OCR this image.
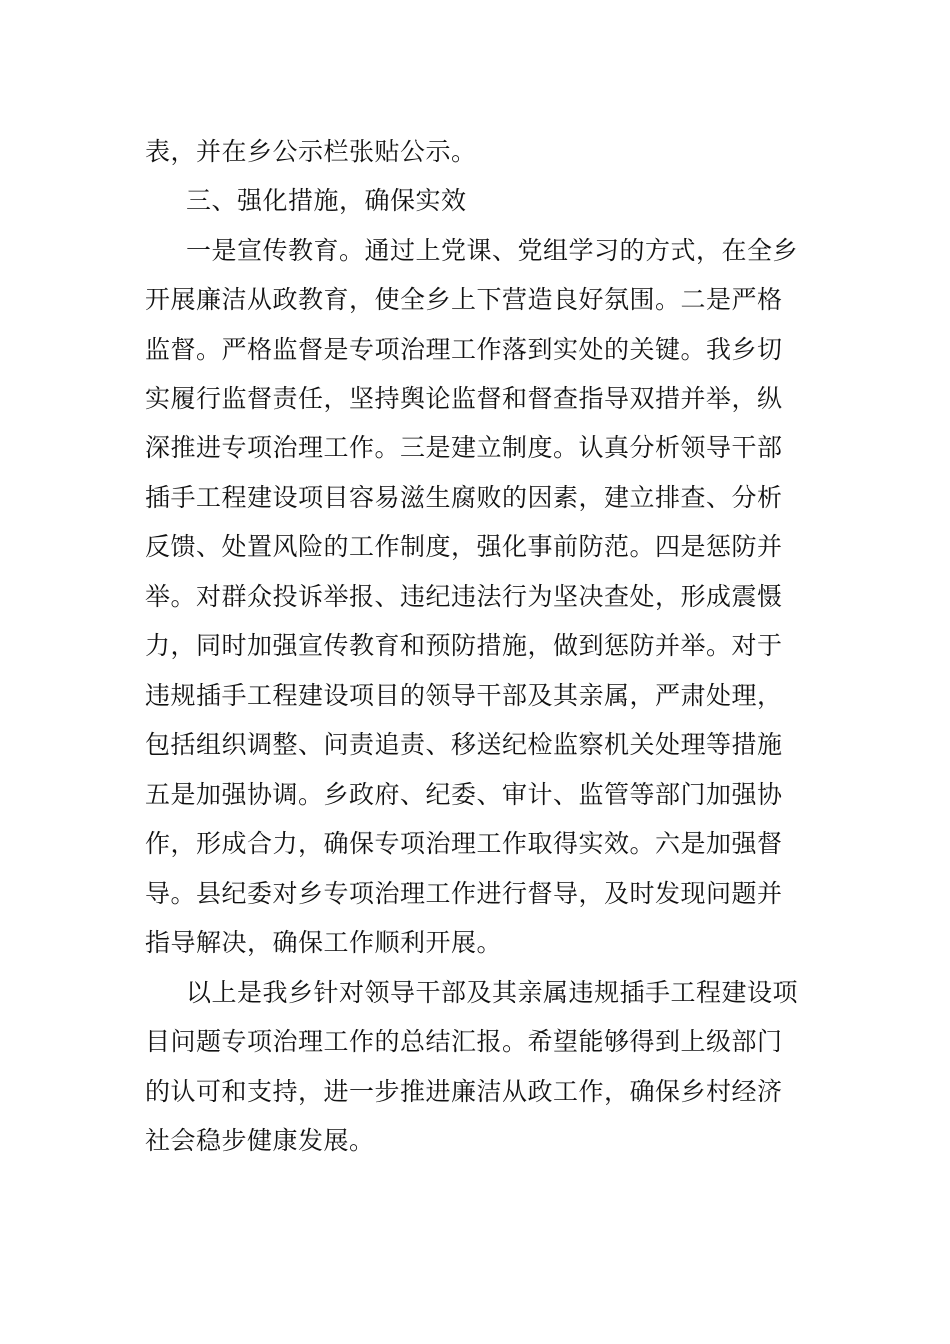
表，并在乡公示栏张贴公示。
三、强化措施，确保实效
一是宣传教育。通过上党课、党组学习的方式，在全乡
开展廉洁从政教育，使全乡上下营造良好氛围。二是严格
监督。严格监督是专项治理工作落到实处的关键。我乡切
实履行监督责任，坚持舆论监督和督查指导双措并举，纵
深推进专项治理工作。三是建立制度。认真分析领导干部
插手工程建设项目容易滋生腐败的因素，建立排查、分析
反馈、处置风险的工作制度，强化事前防范。四是惩防并
举。对群众投诉举报、违纪违法行为坚决查处，形成震慑
力，同时加强宣传教育和预防措施，做到惩防并举。对于
违规插手工程建设项目的领导干部及其亲属，严肃处理，
包括组织调整、问责追责、移送纪检监察机关处理等措施
五是加强协调。乡政府、纪委、审计、监管等部门加强协
作，形成合力，确保专项治理工作取得实效。六是加强督
导。县纪委对乡专项治理工作进行督导，及时发现问题并
指导解决，确保工作顺利开展。
以上是我乡针对领导干部及其亲属违规插手工程建设项
目问题专项治理工作的总结汇报。希望能够得到上级部门
的认可和支持，进一步推进廉洁从政工作，确保乡村经济
社会稳步健康发展。
